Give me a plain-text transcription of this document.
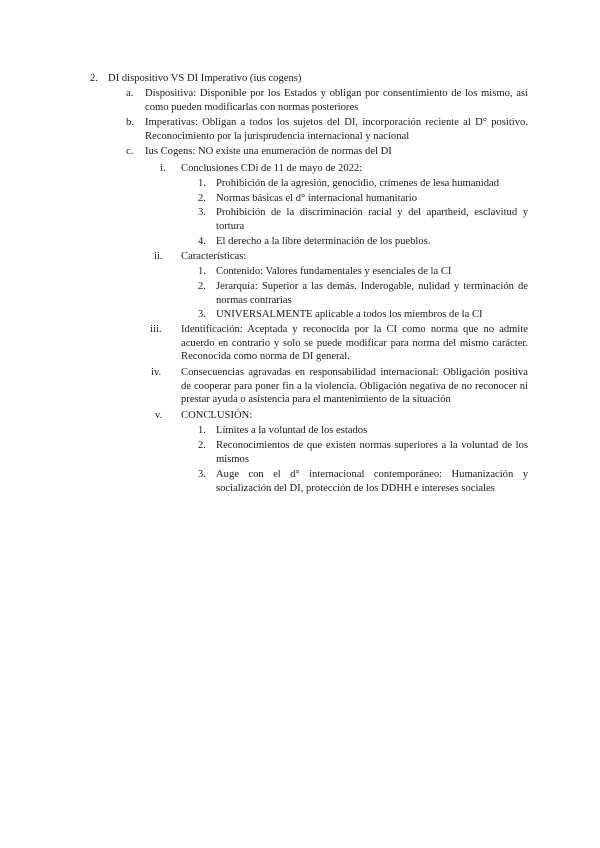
2. DI dispositivo VS DI Imperativo (ius cogens)
a. Dispositiva: Disponible por los Estados y obligan por consentimiento de los mismo, así como pueden modificarlas con normas posteriores
b. Imperativas: Obligan a todos los sujetos del DI, incorporación reciente al D° positivo. Reconocimiento por la jurisprudencia internacional y nacional
c. Ius Cogens: NO existe una enumeración de normas del DI
i. Conclusiones CDi de 11 de mayo de 2022:
1. Prohibición de la agresión, genocidio, crímenes de lesa humanidad
2. Normas básicas el d° internacional humanitario
3. Prohibición de la discriminación racial y del apartheid, esclavitud y tortura
4. El derecho a la libre determinación de los pueblos.
ii. Características:
1. Contenido: Valores fundamentales y esenciales de la CI
2. Jerarquía: Superior a las demás. Inderogable, nulidad y terminación de normas contrarias
3. UNIVERSALMENTE aplicable a todos los miembros de la CI
iii. Identificación: Aceptada y reconocida por la CI como norma que no admite acuerdo en contrario y solo se puede modificar para norma del mismo carácter. Reconocida como norma de DI general.
iv. Consecuencias agravadas en responsabilidad internacional: Obligación positiva de cooperar para poner fin a la violencia. Obligación negativa de no reconocer ni prestar ayuda o asistencia para el mantenimiento de la situación
v. CONCLUSIÓN:
1. Límites a la voluntad de los estados
2. Reconocimientos de que existen normas superiores a la voluntad de los mismos
3. Auge con el d° internacional contemporáneo: Humanización y socialización del DI, protección de los DDHH e intereses sociales
